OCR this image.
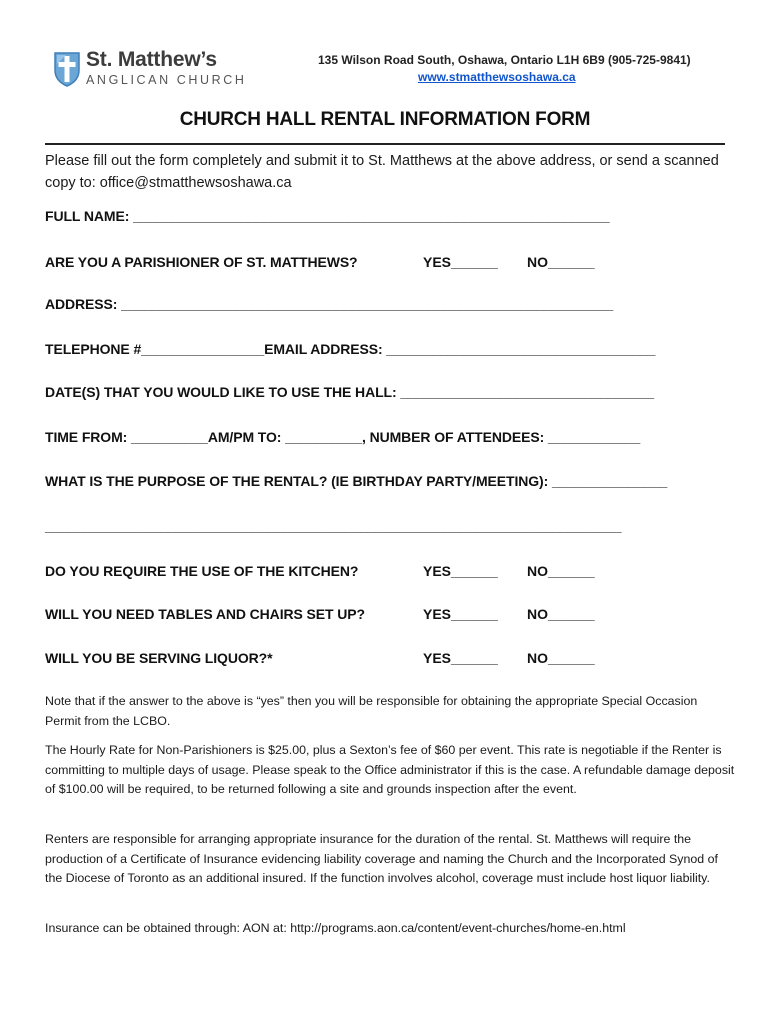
St. Matthew’s
ANGLICAN CHURCH
135 Wilson Road South, Oshawa, Ontario L1H 6B9 (905-725-9841)
www.stmatthewsoshawa.ca
CHURCH HALL RENTAL INFORMATION FORM
Please fill out the form completely and submit it to St. Matthews at the above address, or send a scanned copy to: office@stmatthewsoshawa.ca
FULL NAME: ______________________________________________________________
ARE YOU A PARISHIONER OF ST. MATTHEWS?	YES______ NO______
ADDRESS: ________________________________________________________________
TELEPHONE #________________EMAIL ADDRESS: ___________________________________
DATE(S) THAT YOU WOULD LIKE TO USE THE HALL: _________________________________
TIME FROM: __________AM/PM TO: __________, NUMBER OF ATTENDEES: ____________
WHAT IS THE PURPOSE OF THE RENTAL? (IE BIRTHDAY PARTY/MEETING): _______________
___________________________________________________________________________
DO YOU REQUIRE THE USE OF THE KITCHEN?	YES______ NO______
WILL YOU NEED TABLES AND CHAIRS SET UP?	YES______ NO______
WILL YOU BE SERVING LIQUOR?*	YES______ NO______
Note that if the answer to the above is “yes” then you will be responsible for obtaining the appropriate Special Occasion Permit from the LCBO.
The Hourly Rate for Non-Parishioners is $25.00, plus a Sexton’s fee of $60 per event. This rate is negotiable if the Renter is committing to multiple days of usage. Please speak to the Office administrator if this is the case. A refundable damage deposit of $100.00 will be required, to be returned following a site and grounds inspection after the event.
Renters are responsible for arranging appropriate insurance for the duration of the rental. St. Matthews will require the production of a Certificate of Insurance evidencing liability coverage and naming the Church and the Incorporated Synod of the Diocese of Toronto as an additional insured. If the function involves alcohol, coverage must include host liquor liability.
Insurance can be obtained through: AON at: http://programs.aon.ca/content/event-churches/home-en.html
